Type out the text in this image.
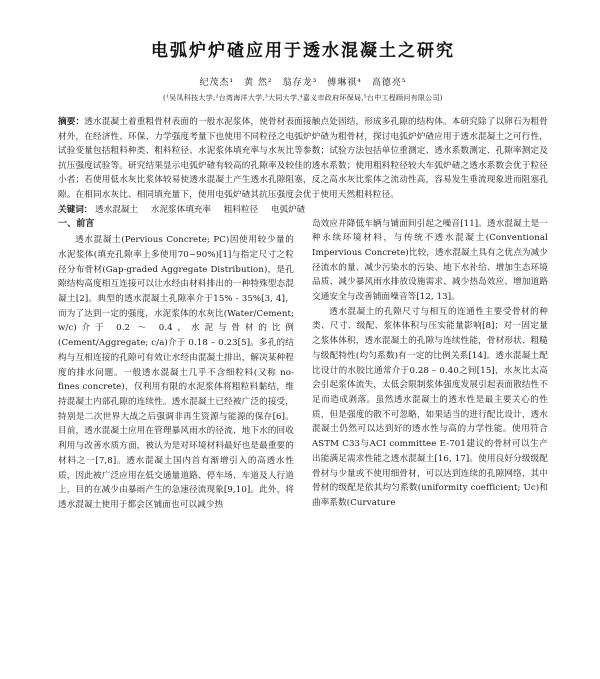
电弧炉炉碴应用于透水混凝土之研究
纪茂杰¹　黄 然²　翁存龙³　傅琳祺⁴　高德亮⁵
(¹吴凤科技大学,²台湾海洋大学,³大同大学,⁴嘉义市政府环保局,⁵台中工程顾问有限公司)
摘要：透水混凝土着重粗骨材表面的一般水泥浆体，使骨材表面接触点处固结，形成多孔隙的结构体。本研究除了以卵石为粗骨材外，在经济性、环保、力学强度考量下也使用不同粒径之电弧炉炉碴为粗骨材，探讨电弧炉炉碴应用于透水混凝土之可行性，试验变量包括粗料种类、粗料粒径、水泥浆体填充率与水灰比等参数；试验方法包括单位重测定、透水系数测定、孔隙率测定及抗压强度试验等。研究结果显示电弧炉碴有较高的孔隙率及较佳的透水系数；使用粗料粒径较大车弧炉碴之透水系数会优于粒径小者；若使用低水灰比浆体较易使透水混凝土产生透水孔隙阻塞，反之高水灰比浆体之流动性高，容易发生垂流现象进而阻塞孔隙。在相同水灰比、相同填充量下，使用电弧炉碴其抗压强度会优于使用天然粗料粒径。
关键词： 透水混凝土 水泥浆体填充率 粗料粒径 电弧炉碴
一、前言

透水混凝土(Pervious Concrete; PC)因使用较少量的水泥浆体(填充孔隙率上多使用70~90%)[1]与指定尺寸之粒径分布骨材(Gap-graded Aggregate Distribution)，是孔隙结构高度相互连接可以让水经由材料排出的一种特殊型态混凝土[2]。典型的透水混凝土孔隙率介于15% - 35%[3, 4]，而为了达到一定的强度，水泥浆体的水灰比(Water/Cement; w/c)介于 0.2 ～ 0.4，水泥与骨材的比例(Cement/Aggregate; c/a)介于 0.18 – 0.23[5]。多孔的结构与互相连接的孔隙可有效让水经由混凝土排出，解决某种程度的排水问题。一般透水混凝土几乎不含细粒料(又称 no-fines concrete)，仅利用有限的水泥浆体将粗粒料黏结，维持混凝土内部孔隙的连续性。透水混凝土已经被广泛的接受，特别是二次世界大战之后强调非再生资源与能源的保存[6]。目前，透水混凝土应用在管理暴风雨水的径流、地下水的回收利用与改善水质方面，被认为是对环境材料最好也是最重要的材料之一[7,8]。透水混凝土国内首有渐增引入的高透水性质，因此被广泛应用在低交通量道路、停车场、车道及人行道上，目的在减少由暴雨产生的急速径流现象[9,10]。此外，将透水混凝土使用于都会区铺面也可以减少热

岛效应并降低车辆与铺面间引起之噪音[11]。透水混凝土是一种永续环境材料，与传统不透水混凝土(Conventional Impervious Concrete)比较，透水混凝土具有之优点为减少径流水的量、减少污染水的污染、地下水补给、增加生态环境品质、减少暴风雨水排放设施需求、减少热岛效应、增加道路交通安全与改善铺面噪音等[12, 13]。

透水混凝土的孔隙尺寸与相互的连通性主要受骨材的种类、尺寸、级配、浆体体积与压实能量影响[8]；对一固定量之浆体体积，透水混凝土的孔隙与连续性能，骨材形状、粗糙与级配特性(均匀系数)有一定的比例关系[14]。透水混凝土配比设计的水胶比通常介于0.28 – 0.40之间[15]，水灰比太高会引起浆体流失，太低会限制浆体强度发展引起表面散结性不足而造成剥落。虽然透水混凝土的透水性是最主要关心的性质，但是强度的散不可忽略，如果适当的进行配比设计，透水混凝土仍然可以达到好的透水性与高的力学性能。使用符合ASTM C33与ACI committee E-701建议的骨材可以生产出能满足需求性能之透水混凝土[16, 17]。使用良好分级级配骨材与少量或不使用细骨材，可以达到连续的孔隙网络，其中骨材的级配是依其均匀系数(uniformity coefficient; Uc)和曲率系数(Curvature
